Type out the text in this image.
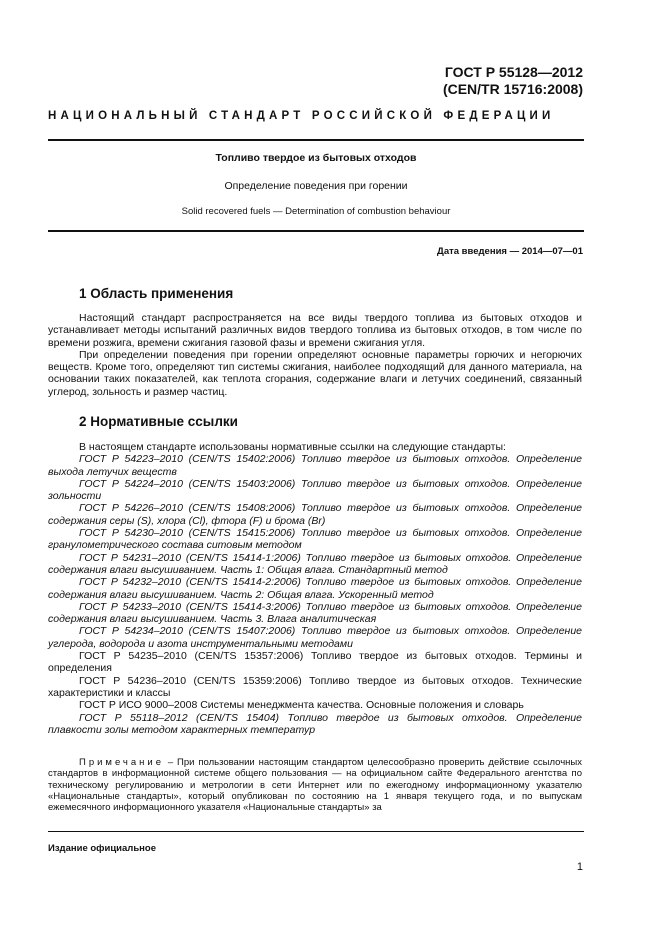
ГОСТ Р 55128—2012
(CEN/TR 15716:2008)
НАЦИОНАЛЬНЫЙ СТАНДАРТ РОССИЙСКОЙ ФЕДЕРАЦИИ
Топливо твердое из бытовых отходов
Определение поведения при горении
Solid recovered fuels — Determination of combustion behaviour
Дата введения — 2014—07—01
1 Область применения

Настоящий стандарт распространяется на все виды твердого топлива из бытовых отходов и устанавливает методы испытаний различных видов твердого топлива из бытовых отходов, в том числе по времени розжига, времени сжигания газовой фазы и времени сжигания угля.

При определении поведения при горении определяют основные параметры горючих и негорючих веществ. Кроме того, определяют тип системы сжигания, наиболее подходящий для данного материала, на основании таких показателей, как теплота сгорания, содержание влаги и летучих соединений, связанный углерод, зольность и размер частиц.

2 Нормативные ссылки

В настоящем стандарте использованы нормативные ссылки на следующие стандарты:

ГОСТ Р 54223–2010 (CEN/TS 15402:2006) Топливо твердое из бытовых отходов. Определение выхода летучих веществ

ГОСТ Р 54224–2010 (CEN/TS 15403:2006) Топливо твердое из бытовых отходов. Определение зольности

ГОСТ Р 54226–2010 (CEN/TS 15408:2006) Топливо твердое из бытовых отходов. Определение содержания серы (S), хлора (Cl), фтора (F) и брома (Br)

ГОСТ Р 54230–2010 (CEN/TS 15415:2006) Топливо твердое из бытовых отходов. Определение гранулометрического состава ситовым методом

ГОСТ Р 54231–2010 (CEN/TS 15414-1:2006) Топливо твердое из бытовых отходов. Определение содержания влаги высушиванием. Часть 1: Общая влага. Стандартный метод

ГОСТ Р 54232–2010 (CEN/TS 15414-2:2006) Топливо твердое из бытовых отходов. Определение содержания влаги высушиванием. Часть 2: Общая влага. Ускоренный метод

ГОСТ Р 54233–2010 (CEN/TS 15414-3:2006) Топливо твердое из бытовых отходов. Определение содержания влаги высушиванием. Часть 3. Влага аналитическая

ГОСТ Р 54234–2010 (CEN/TS 15407:2006) Топливо твердое из бытовых отходов. Определение углерода, водорода и азота инструментальными методами

ГОСТ Р 54235–2010 (CEN/TS 15357:2006) Топливо твердое из бытовых отходов. Термины и определения

ГОСТ Р 54236–2010 (CEN/TS 15359:2006) Топливо твердое из бытовых отходов. Технические характеристики и классы

ГОСТ Р ИСО 9000–2008 Системы менеджмента качества. Основные положения и словарь

ГОСТ Р 55118–2012 (CEN/TS 15404) Топливо твердое из бытовых отходов. Определение плавкости золы методом характерных температур

Примечание – При пользовании настоящим стандартом целесообразно проверить действие ссылочных стандартов в информационной системе общего пользования — на официальном сайте Федерального агентства по техническому регулированию и метрологии в сети Интернет или по ежегодному информационному указателю «Национальные стандарты», который опубликован по состоянию на 1 января текущего года, и по выпускам ежемесячного информационного указателя «Национальные стандарты» за
Издание официальное
1
